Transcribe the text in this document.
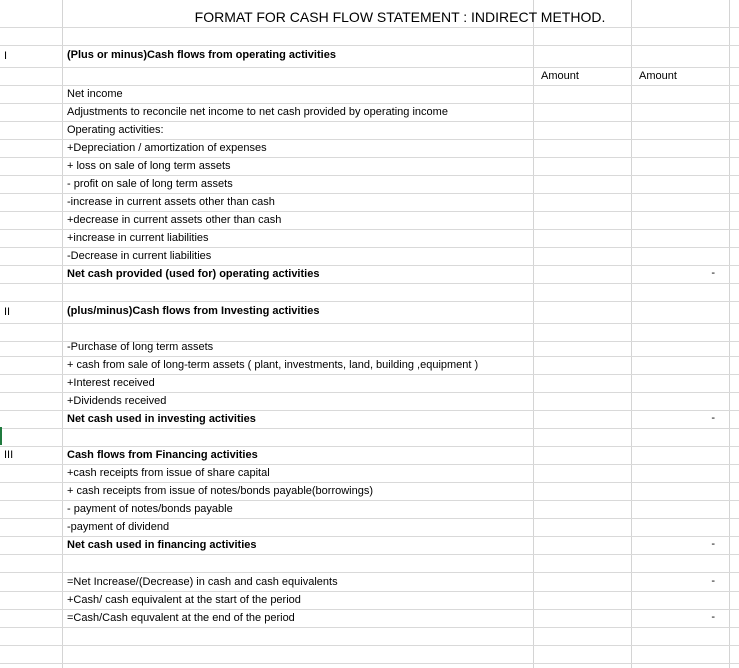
FORMAT FOR CASH FLOW STATEMENT : INDIRECT METHOD.
I	(Plus or minus)Cash flows from operating activities
Amount	Amount
Net income
Adjustments to reconcile net income to net cash provided by operating income
Operating activities:
+Depreciation / amortization of expenses
+ loss on sale of long term assets
- profit on sale of long term assets
-increase in current assets other than cash
+decrease in current assets other than cash
+increase in current liabilities
-Decrease in current liabilities
Net cash provided (used for) operating activities	-
II	(plus/minus)Cash flows from Investing activities
-Purchase of long term assets
+ cash from sale of long-term assets ( plant, investments, land, building ,equipment )
+Interest received
+Dividends received
Net cash used in investing activities	-
III	Cash flows from Financing activities
+cash receipts from issue of share capital
+ cash receipts from issue of notes/bonds payable(borrowings)
- payment of notes/bonds payable
-payment of dividend
Net cash used in financing activities	-
=Net Increase/(Decrease) in cash and cash equivalents	-
+Cash/ cash equivalent at the start of the period
=Cash/Cash equvalent at the end of the period	-
